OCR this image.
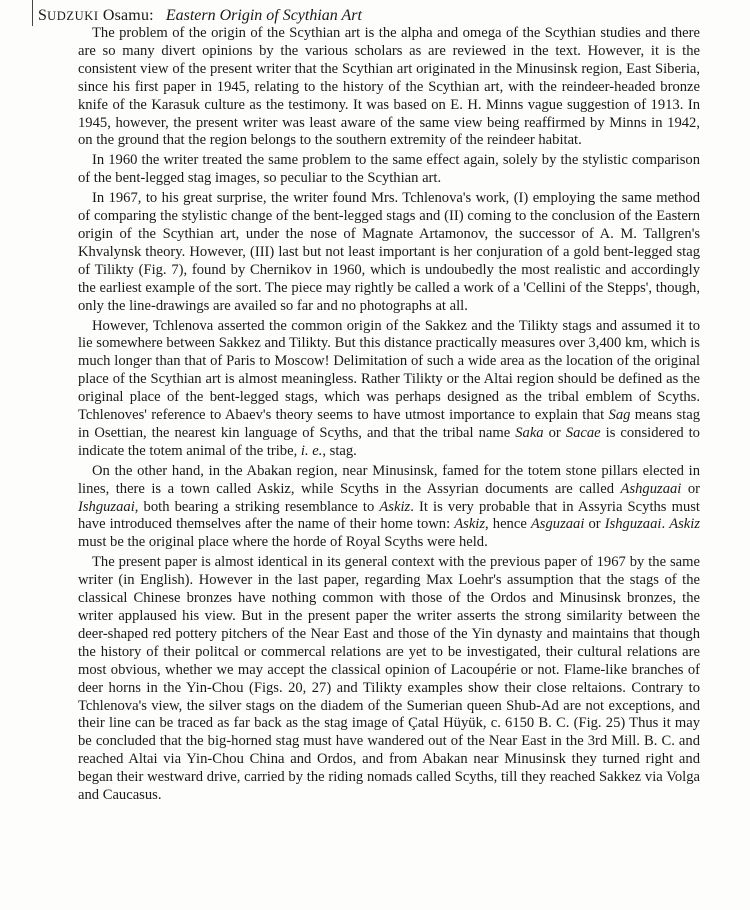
SUDZUKI Osamu: Eastern Origin of Scythian Art

The problem of the origin of the Scythian art is the alpha and omega of the Scythian studies and there are so many divert opinions by the various scholars as are reviewed in the text. However, it is the consistent view of the present writer that the Scythian art originated in the Minusinsk region, East Siberia, since his first paper in 1945, relating to the history of the Scythian art, with the reindeer-headed bronze knife of the Karasuk culture as the testimony. It was based on E. H. Minns vague suggestion of 1913. In 1945, however, the present writer was least aware of the same view being reaffirmed by Minns in 1942, on the ground that the region belongs to the southern extremity of the reindeer habitat.

In 1960 the writer treated the same problem to the same effect again, solely by the stylistic comparison of the bent-legged stag images, so peculiar to the Scythian art.

In 1967, to his great surprise, the writer found Mrs. Tchlenova's work, (I) employing the same method of comparing the stylistic change of the bent-legged stags and (II) coming to the conclusion of the Eastern origin of the Scythian art, under the nose of Magnate Artamonov, the successor of A. M. Tallgren's Khvalynsk theory. However, (III) last but not least important is her conjuration of a gold bent-legged stag of Tilikty (Fig. 7), found by Chernikov in 1960, which is undoubedly the most realistic and accordingly the earliest example of the sort. The piece may rightly be called a work of a 'Cellini of the Stepps', though, only the line-drawings are availed so far and no photographs at all.

However, Tchlenova asserted the common origin of the Sakkez and the Tilikty stags and assumed it to lie somewhere between Sakkez and Tilikty. But this distance practically measures over 3,400 km, which is much longer than that of Paris to Moscow! Delimitation of such a wide area as the location of the original place of the Scythian art is almost meaningless. Rather Tilikty or the Altai region should be defined as the original place of the bent-legged stags, which was perhaps designed as the tribal emblem of Scyths. Tchlenoves' reference to Abaev's theory seems to have utmost importance to explain that Sag means stag in Osettian, the nearest kin language of Scyths, and that the tribal name Saka or Sacae is considered to indicate the totem animal of the tribe, i. e., stag.

On the other hand, in the Abakan region, near Minusinsk, famed for the totem stone pillars elected in lines, there is a town called Askiz, while Scyths in the Assyrian documents are called Ashguzaai or Ishguzaai, both bearing a striking resemblance to Askiz. It is very probable that in Assyria Scyths must have introduced themselves after the name of their home town: Askiz, hence Asguzaai or Ishguzaai. Askiz must be the original place where the horde of Royal Scyths were held.

The present paper is almost identical in its general context with the previous paper of 1967 by the same writer (in English). However in the last paper, regarding Max Loehr's assumption that the stags of the classical Chinese bronzes have nothing common with those of the Ordos and Minusinsk bronzes, the writer applaused his view. But in the present paper the writer asserts the strong similarity between the deer-shaped red pottery pitchers of the Near East and those of the Yin dynasty and maintains that though the history of their politcal or commercal relations are yet to be investigated, their cultural relations are most obvious, whether we may accept the classical opinion of Lacoupérie or not. Flame-like branches of deer horns in the Yin-Chou (Figs. 20, 27) and Tilikty examples show their close reltaions. Contrary to Tchlenova's view, the silver stags on the diadem of the Sumerian queen Shub-Ad are not exceptions, and their line can be traced as far back as the stag image of Çatal Hüyük, c. 6150 B. C. (Fig. 25) Thus it may be concluded that the big-horned stag must have wandered out of the Near East in the 3rd Mill. B. C. and reached Altai via Yin-Chou China and Ordos, and from Abakan near Minusinsk they turned right and began their westward drive, carried by the riding nomads called Scyths, till they reached Sakkez via Volga and Caucasus.
